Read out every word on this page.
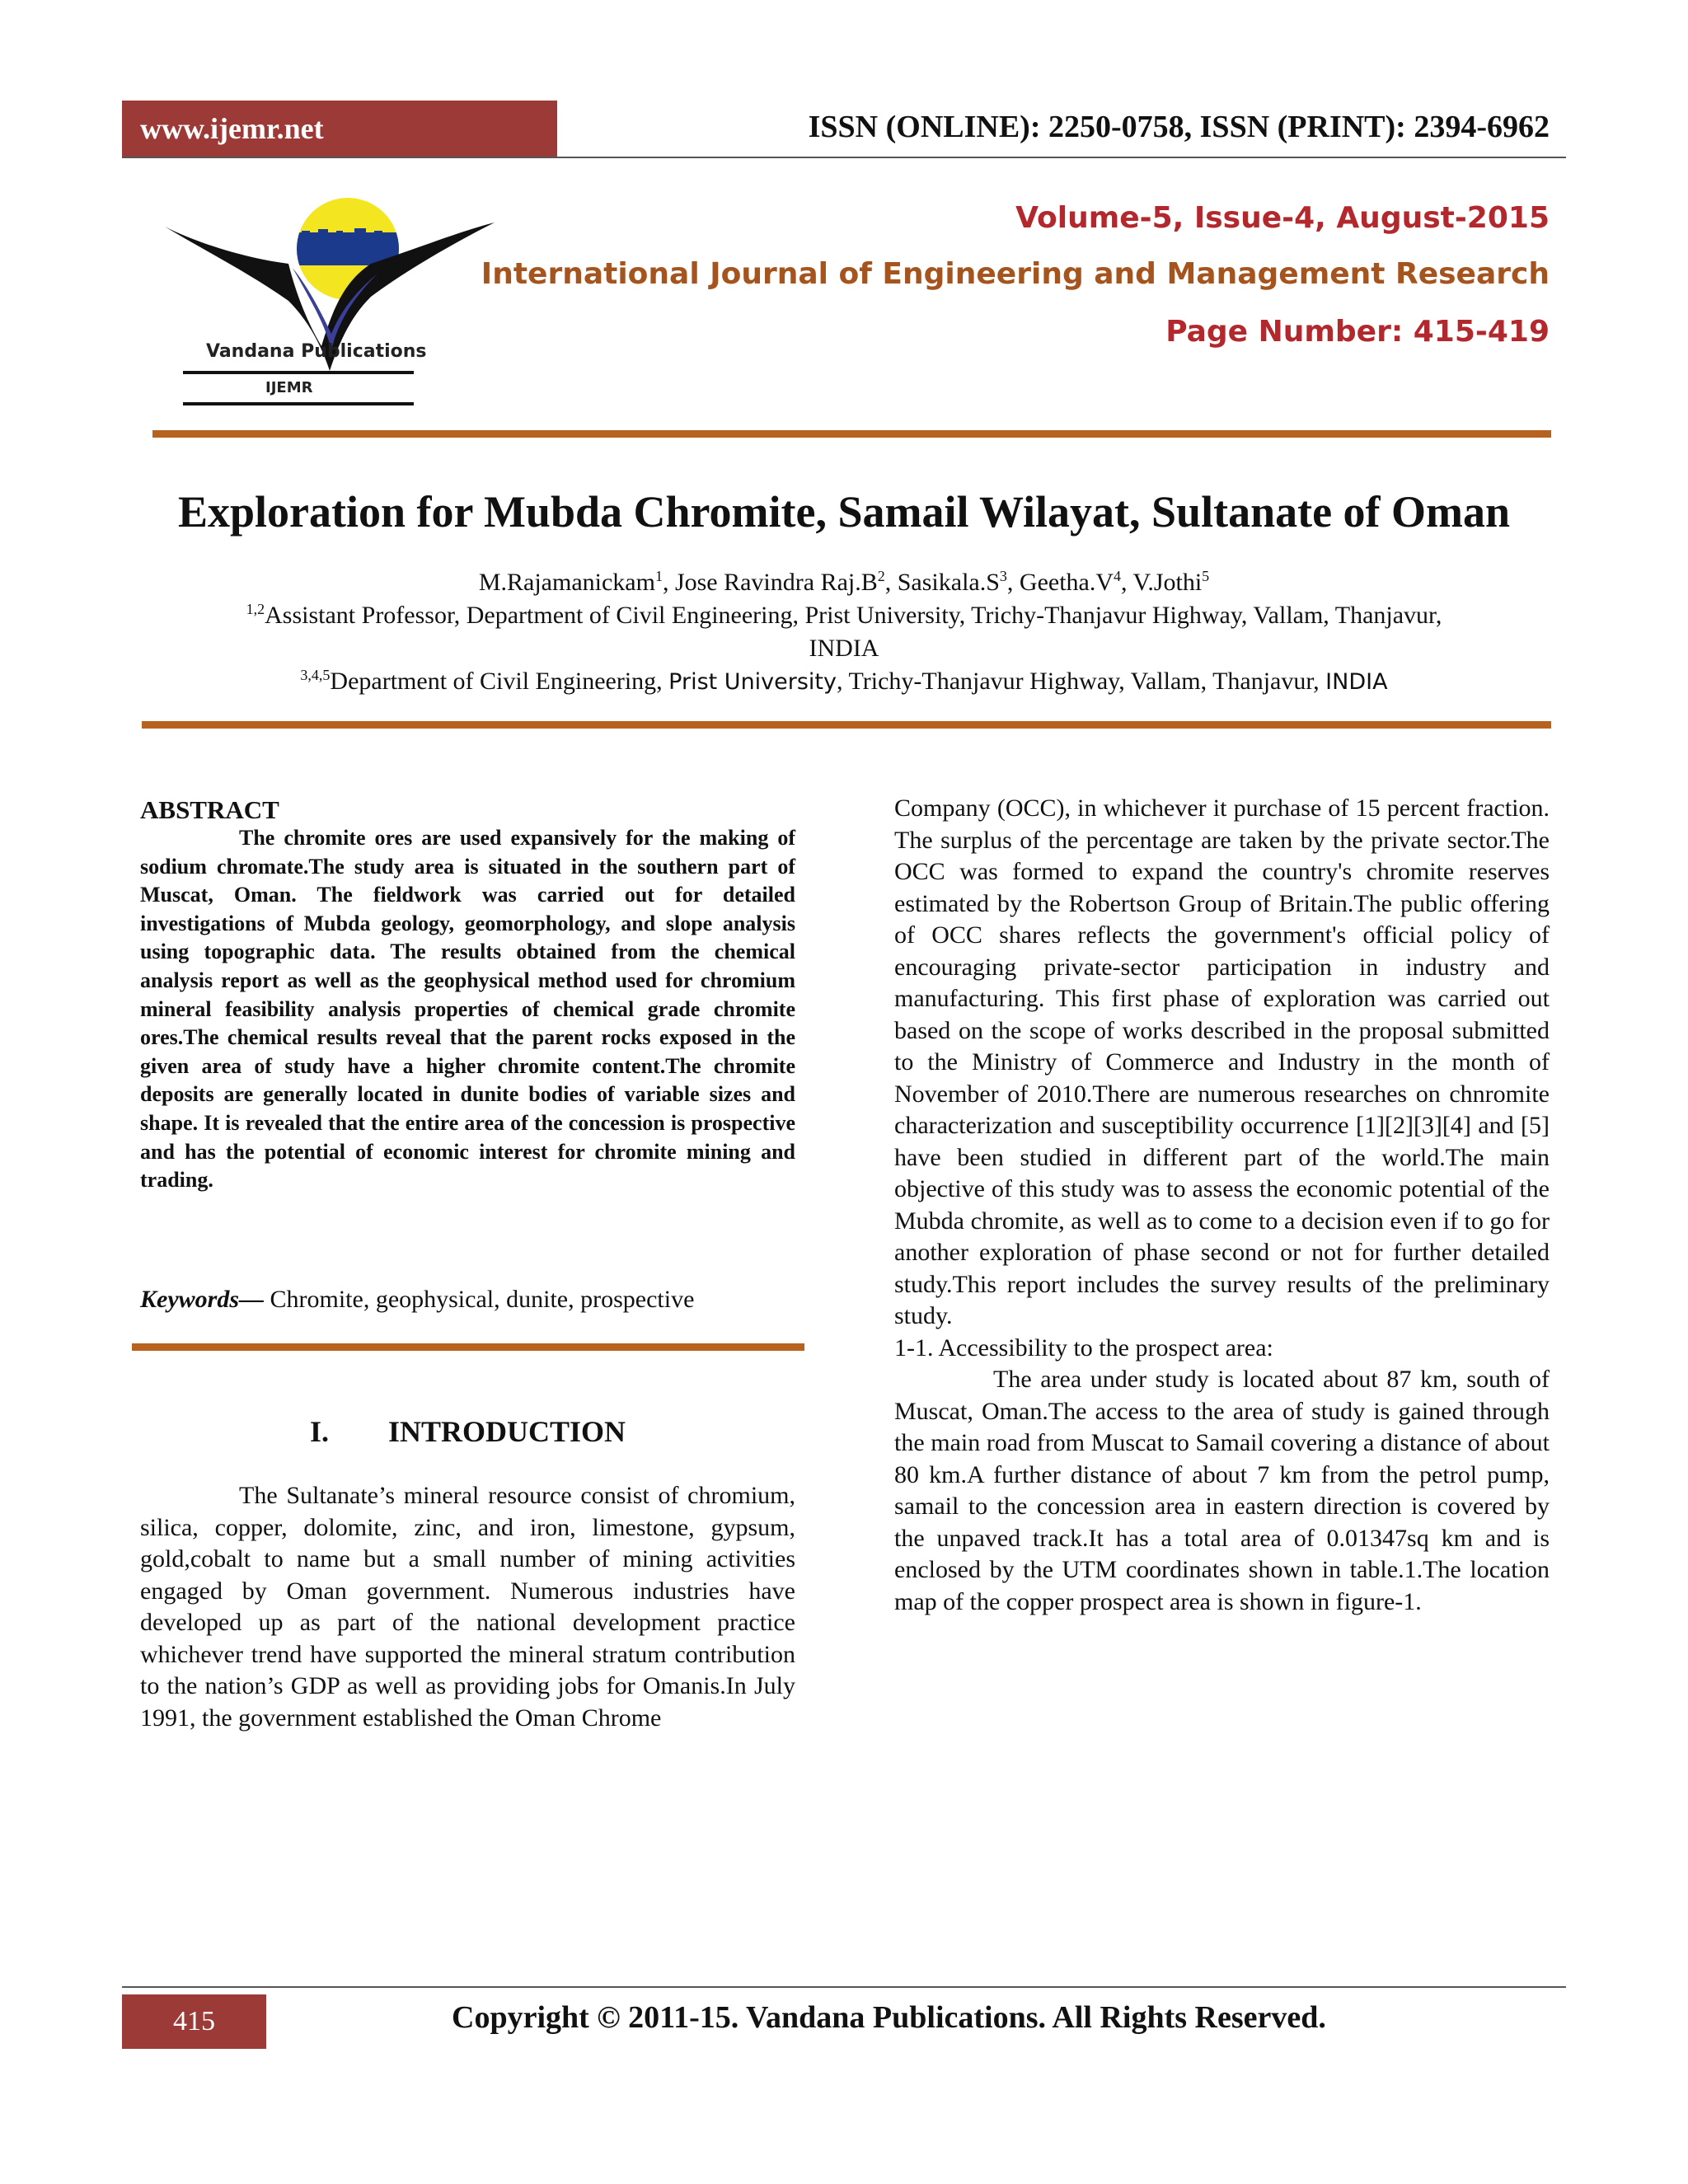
www.ijemr.net	ISSN (ONLINE): 2250-0758, ISSN (PRINT): 2394-6962
Vandana Publications
IJEMR
Volume-5, Issue-4, August-2015
International Journal of Engineering and Management Research
Page Number: 415-419
Exploration for Mubda Chromite, Samail Wilayat, Sultanate of Oman
M.Rajamanickam$^1$, Jose Ravindra $Raj.B^2$, $Sasikala.S^3$, $Geetha.V^4$, V.Jothi$^5$
$^{1,2}$Assistant Professor, Department of Civil Engineering, Prist University, Trichy-Thanjavur Highway, Vallam, Thanjavur,
INDIA
$^{3,4,5}$Department of Civil Engineering, Prist University, Trichy-Thanjavur Highway, Vallam, Thanjavur, INDIA
ABSTRACT

The chromite ores are used expansively for the making of sodium chromate.The study area is situated in the southern part of Muscat, Oman. The fieldwork was carried out for detailed investigations of Mubda geology, geomorphology, and slope analysis using topographic data. The results obtained from the chemical analysis report as well as the geophysical method used for chromium mineral feasibility analysis properties of chemical grade chromite ores.The chemical results reveal that the parent rocks exposed in the given area of study have a higher chromite content.The chromite deposits are generally located in dunite bodies of variable sizes and shape. It is revealed that the entire area of the concession is prospective and has the potential of economic interest for chromite mining and trading.

Keywords— Chromite, geophysical, dunite, prospective
I.        INTRODUCTION

The Sultanate’s mineral resource consist of chromium, silica, copper, dolomite, zinc, and iron, limestone, gypsum, gold,cobalt to name but a small number of mining activities engaged by Oman government. Numerous industries have developed up as part of the national development practice whichever trend have supported the mineral stratum contribution to the nation’s GDP as well as providing jobs for Omanis.In July 1991, the government established the Oman Chrome

Company (OCC), in whichever it purchase of 15 percent fraction. The surplus of the percentage are taken by the private sector.The OCC was formed to expand the country's chromite reserves estimated by the Robertson Group of Britain.The public offering of OCC shares reflects the government's official policy of encouraging private-sector participation in industry and manufacturing. This first phase of exploration was carried out based on the scope of works described in the proposal submitted to the Ministry of Commerce and Industry in the month of November of 2010.There are numerous researches on chnromite characterization and susceptibility occurrence [1][2][3][4] and [5] have been studied in different part of the world.The main objective of this study was to assess the economic potential of the Mubda chromite, as well as to come to a decision even if to go for another exploration of phase second or not for further detailed study.This report includes the survey results of the preliminary study.

1-1. Accessibility to the prospect area:

The area under study is located about 87 km, south of Muscat, Oman.The access to the area of study is gained through the main road from Muscat to Samail covering a distance of about 80 km.A further distance of about 7 km from the petrol pump, samail to the concession area in eastern direction is covered by the unpaved track.It has a total area of 0.01347sq km and is enclosed by the UTM coordinates shown in table.1.The location map of the copper prospect area is shown in figure-1.

415	Copyright © 2011-15. Vandana Publications. All Rights Reserved.
